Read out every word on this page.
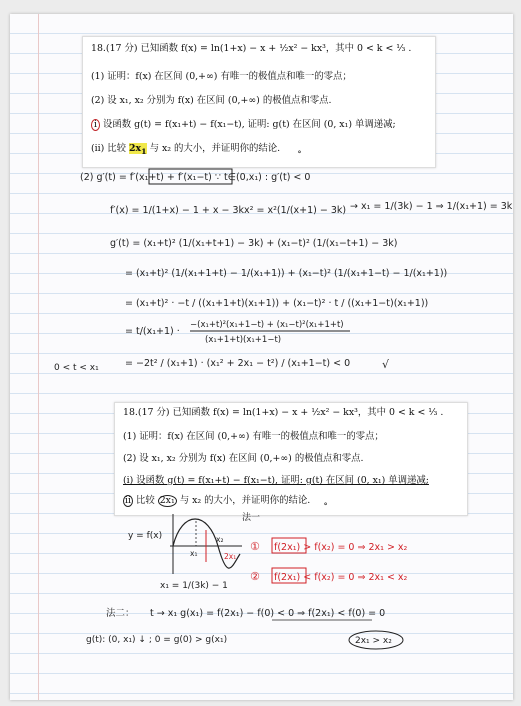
18.(17 分) 已知函数 f(x) = ln(1+x) − x + ½x² − kx³，其中 0 < k < ⅓ .
(1) 证明：f(x) 在区间 (0,+∞) 有唯一的极值点和唯一的零点；
(2) 设 x₁, x₂ 分别为 f(x) 在区间 (0,+∞) 的极值点和零点.
i 设函数 g(t) = f(x₁+t) − f(x₁−t), 证明: g(t) 在区间 (0, x₁) 单调递减;
(ii) 比较 $2x_1$ 与 x₂ 的大小，并证明你的结论. ˳
18.(17 分) 已知函数 f(x) = ln(1+x) − x + ½x² − kx³，其中 0 < k < ⅓ .
(1) 证明：f(x) 在区间 (0,+∞) 有唯一的极值点和唯一的零点；
(2) 设 x₁, x₂ 分别为 f(x) 在区间 (0,+∞) 的极值点和零点.
(i) 设函数 g(t) = f(x₁+t) − f(x₁−t), 证明: g(t) 在区间 (0, x₁) 单调递减;
ii 比较 2x₁ 与 x₂ 的大小，并证明你的结论. ˳
(2) g′(t) = f′(x₁+t) + f′(x₁−t) ∵ t∈(0,x₁) : g′(t) < 0
f′(x) = 1/(1+x) − 1 + x − 3kx² = x²(1/(x+1) − 3k) → x₁ = 1/(3k) − 1 ⇒ 1/(x₁+1) = 3k
g′(t) = (x₁+t)² (1/(x₁+t+1) − 3k) + (x₁−t)² (1/(x₁−t+1) − 3k)
= (x₁+t)² (1/(x₁+1+t) − 1/(x₁+1)) + (x₁−t)² (1/(x₁+1−t) − 1/(x₁+1))
= (x₁+t)² · −t / ((x₁+1+t)(x₁+1)) + (x₁−t)² · t / ((x₁+1−t)(x₁+1))
= t/(x₁+1) ·
−(x₁+t)²(x₁+1−t) + (x₁−t)²(x₁+1+t)
(x₁+1+t)(x₁+1−t)
= −2t² / (x₁+1) · (x₁² + 2x₁ − t²) / (x₁+1−t) < 0
0 < t < x₁	√
y = f(x)
x₁
x₂
2x₁
x₁ = 1/(3k) − 1
法一
① f(2x₁) > f(x₂) = 0 ⇒ 2x₁ > x₂
② f(2x₁) < f(x₂) = 0 ⇒ 2x₁ < x₂
法二： t → x₁ g(x₁) = f(2x₁) − f(0) < 0 ⇒ f(2x₁) < f(0) = 0
g(t): (0, x₁) ↓ ; 0 = g(0) > g(x₁)	2x₁ > x₂
